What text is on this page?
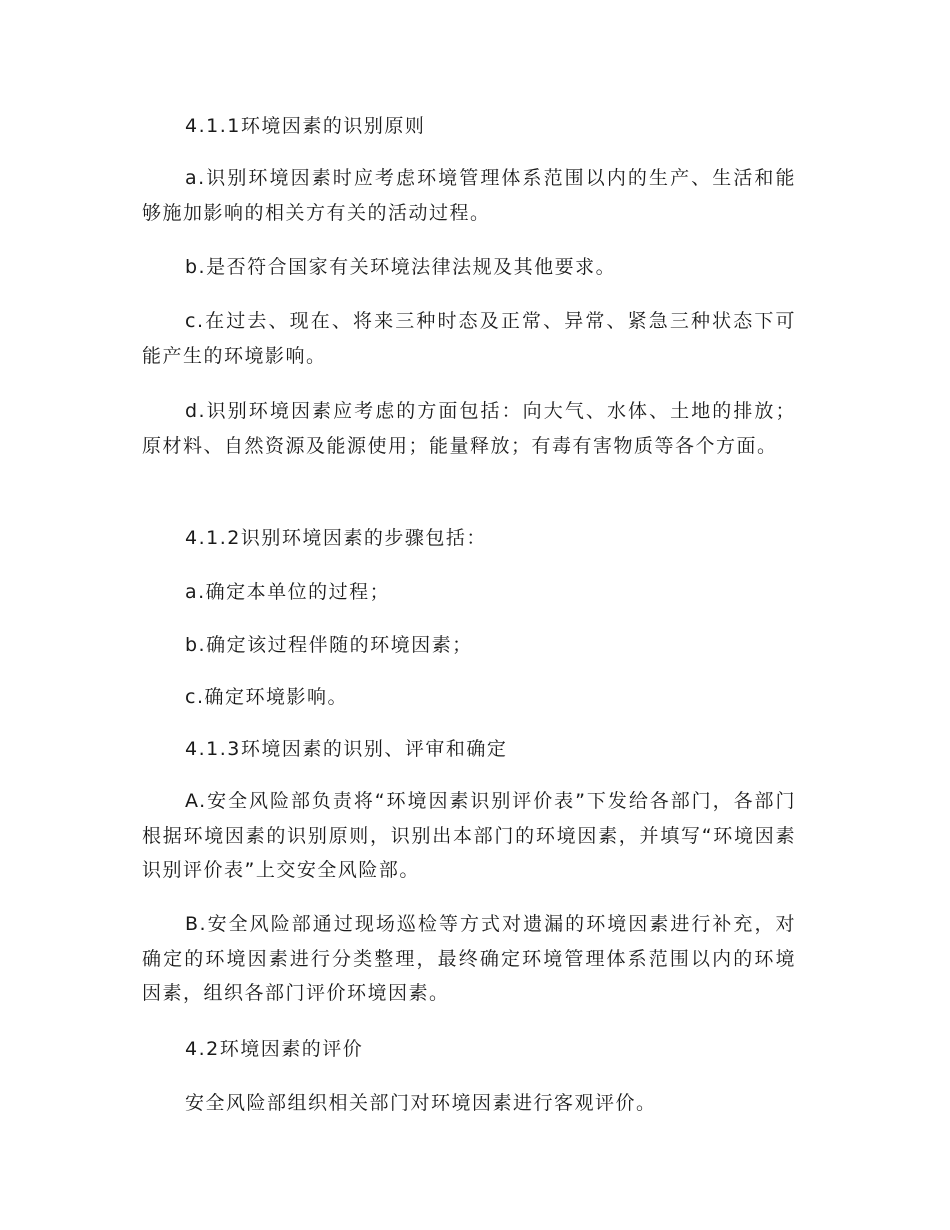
4.1.1环境因素的识别原则

a.识别环境因素时应考虑环境管理体系范围以内的生产、生活和能够施加影响的相关方有关的活动过程。

b.是否符合国家有关环境法律法规及其他要求。

c.在过去、现在、将来三种时态及正常、异常、紧急三种状态下可能产生的环境影响。

d.识别环境因素应考虑的方面包括：向大气、水体、土地的排放；原材料、自然资源及能源使用；能量释放；有毒有害物质等各个方面。

4.1.2识别环境因素的步骤包括：

a.确定本单位的过程；

b.确定该过程伴随的环境因素；

c.确定环境影响。

4.1.3环境因素的识别、评审和确定

A.安全风险部负责将“环境因素识别评价表”下发给各部门，各部门根据环境因素的识别原则，识别出本部门的环境因素，并填写“环境因素识别评价表”上交安全风险部。

B.安全风险部通过现场巡检等方式对遗漏的环境因素进行补充，对确定的环境因素进行分类整理，最终确定环境管理体系范围以内的环境因素，组织各部门评价环境因素。

4.2环境因素的评价

安全风险部组织相关部门对环境因素进行客观评价。
